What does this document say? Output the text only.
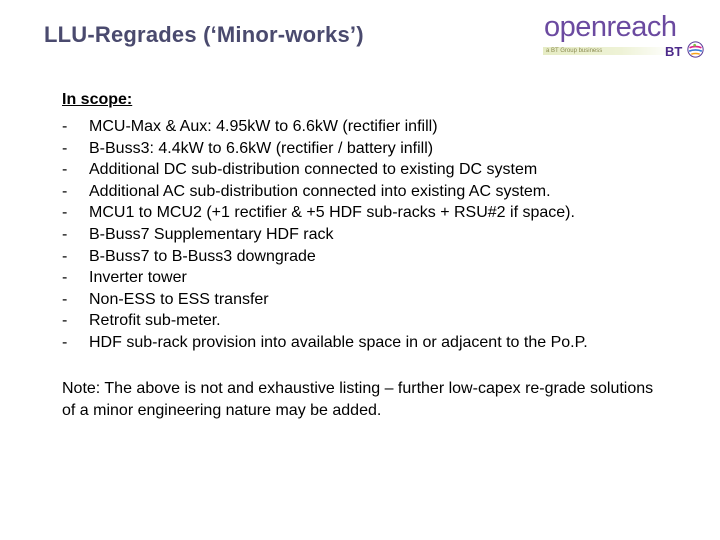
LLU-Regrades (‘Minor-works’)	openreach
a BT Group business	BT
In scope:
- MCU-Max & Aux: 4.95kW to 6.6kW (rectifier infill)
- B-Buss3: 4.4kW to 6.6kW (rectifier / battery infill)
- Additional DC sub-distribution connected to existing DC system
- Additional AC sub-distribution connected into existing AC system.
- MCU1 to MCU2 (+1 rectifier & +5 HDF sub-racks + RSU#2 if space).
- B-Buss7 Supplementary HDF rack
- B-Buss7 to B-Buss3 downgrade
- Inverter tower
- Non-ESS to ESS transfer
- Retrofit sub-meter.
- HDF sub-rack provision into available space in or adjacent to the Po.P.
Note: The above is not and exhaustive listing – further low-capex re-grade solutions of a minor engineering nature may be added.
